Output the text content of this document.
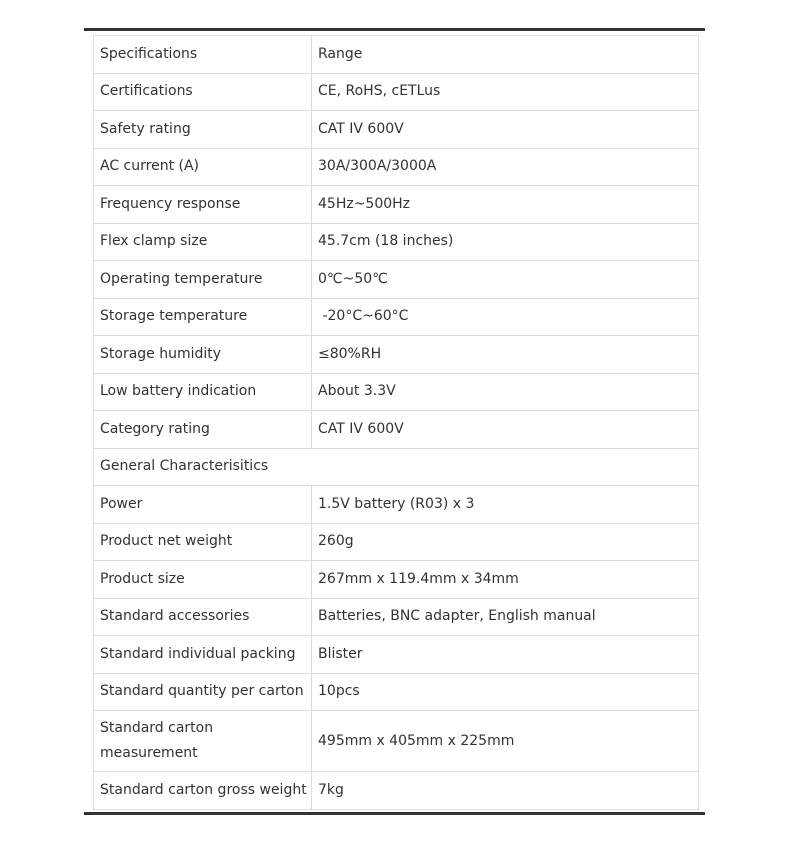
Specifications	Range
Certifications	CE, RoHS, cETLus
Safety rating	CAT IV 600V
AC current (A)	30A/300A/3000A
Frequency response	45Hz~500Hz
Flex clamp size	45.7cm (18 inches)
Operating temperature	0℃~50℃
Storage temperature	-20°C~60°C
Storage humidity	≤80%RH
Low battery indication	About 3.3V
Category rating	CAT IV 600V
General Characterisitics	
Power	1.5V battery (R03) x 3
Product net weight	260g
Product size	267mm x 119.4mm x 34mm
Standard accessories	Batteries, BNC adapter, English manual
Standard individual packing	Blister
Standard quantity per carton	10pcs
Standard carton measurement	495mm x 405mm x 225mm
Standard carton gross weight	7kg
